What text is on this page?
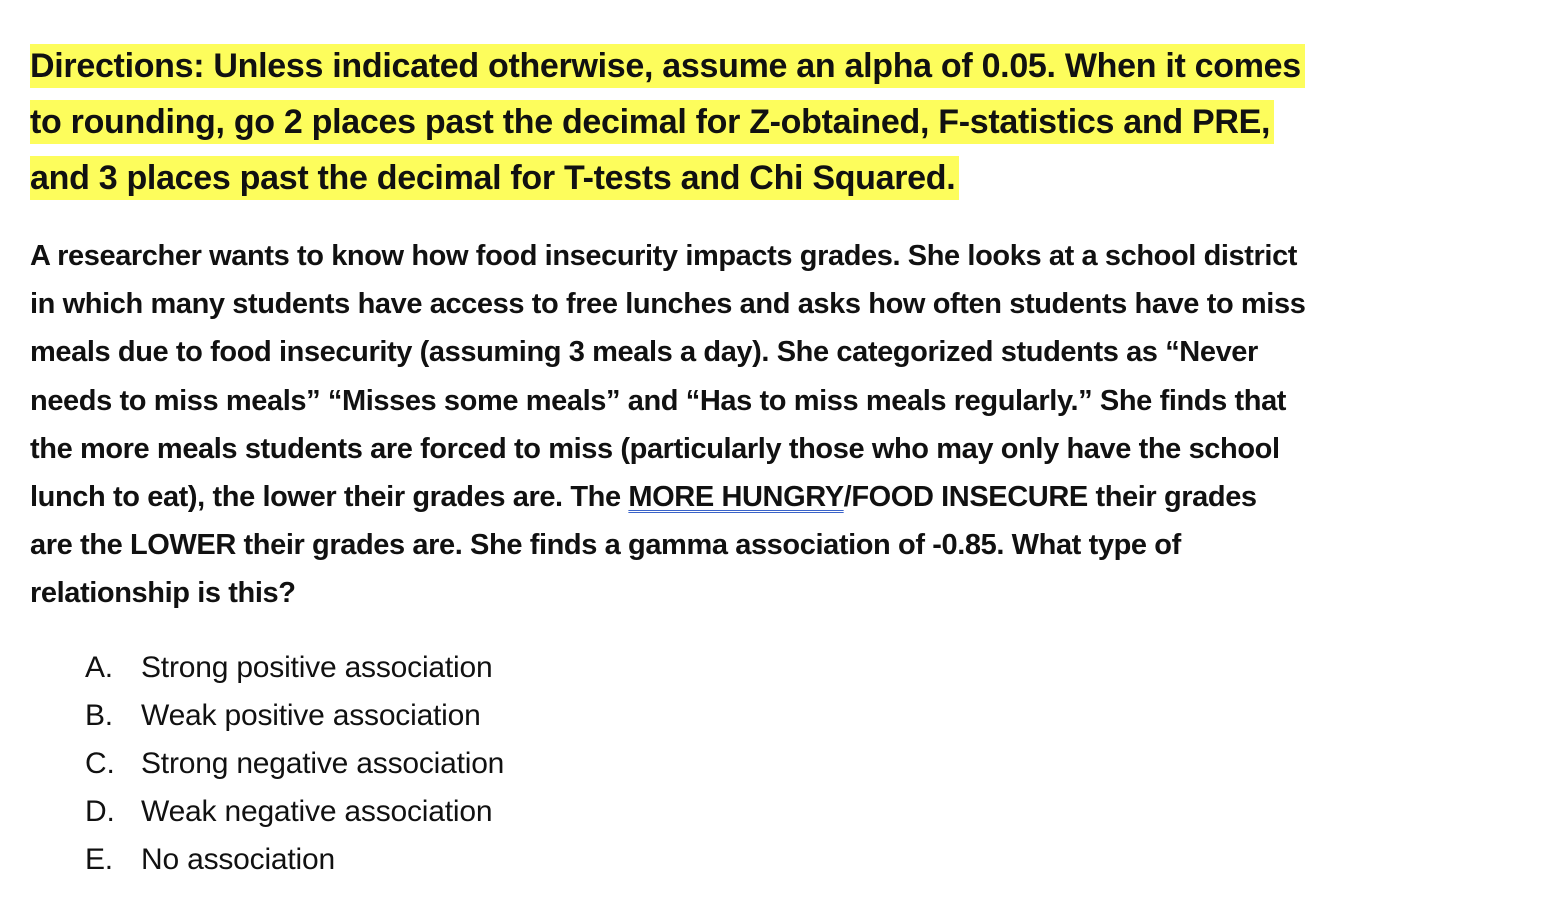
Directions: Unless indicated otherwise, assume an alpha of 0.05. When it comes
to rounding, go 2 places past the decimal for Z-obtained, F-statistics and PRE,
and 3 places past the decimal for T-tests and Chi Squared.

A researcher wants to know how food insecurity impacts grades. She looks at a school district
in which many students have access to free lunches and asks how often students have to miss
meals due to food insecurity (assuming 3 meals a day). She categorized students as “Never
needs to miss meals” “Misses some meals” and “Has to miss meals regularly.” She finds that
the more meals students are forced to miss (particularly those who may only have the school
lunch to eat), the lower their grades are. The MORE HUNGRY/FOOD INSECURE their grades
are the LOWER their grades are. She finds a gamma association of -0.85. What type of
relationship is this?

A. Strong positive association
B. Weak positive association
C. Strong negative association
D. Weak negative association
E. No association
